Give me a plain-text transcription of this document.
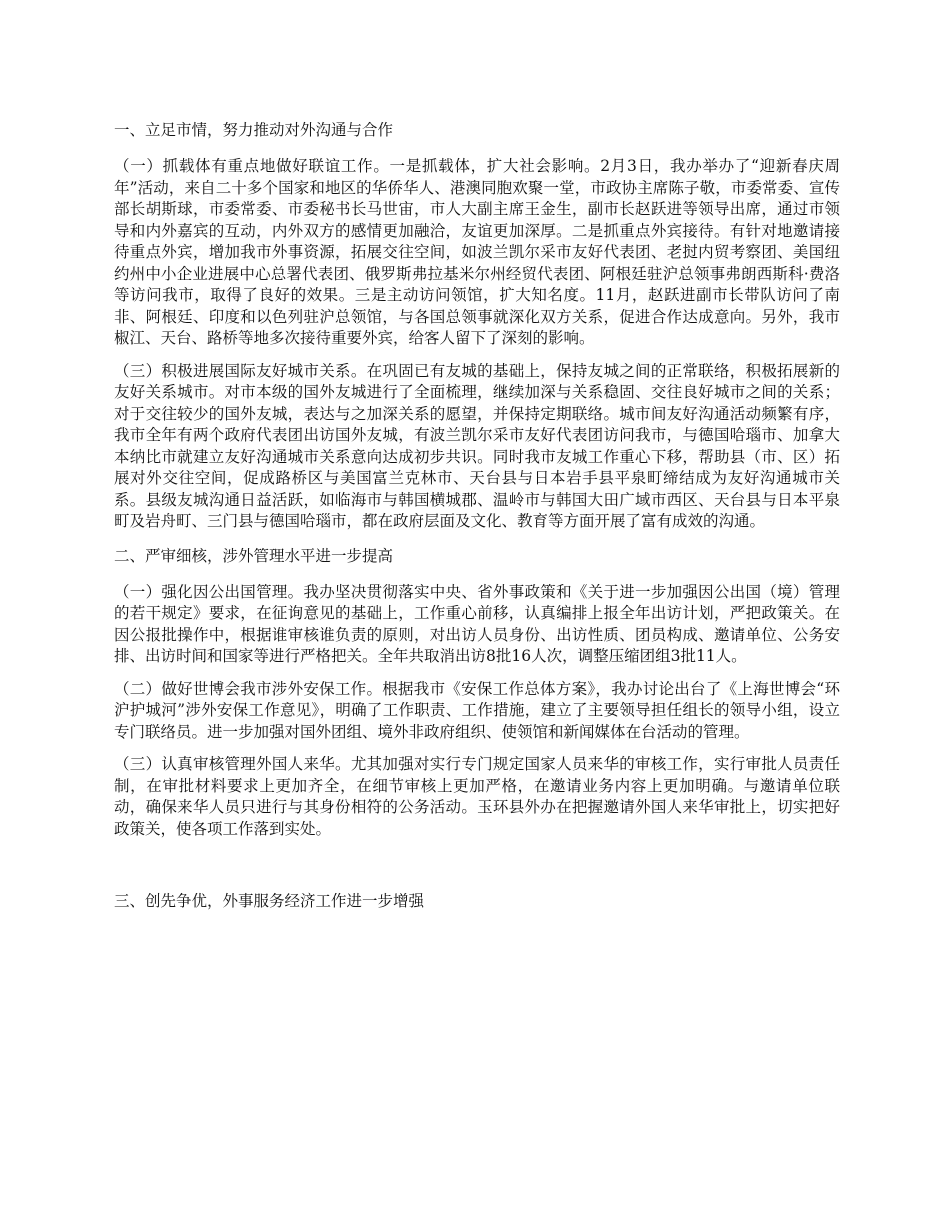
一、立足市情，努力推动对外沟通与合作

（一）抓载体有重点地做好联谊工作。一是抓载体，扩大社会影响。2月3日，我办举办了“迎新春庆周年”活动，来自二十多个国家和地区的华侨华人、港澳同胞欢聚一堂，市政协主席陈子敬，市委常委、宣传部长胡斯球，市委常委、市委秘书长马世宙，市人大副主席王金生，副市长赵跃进等领导出席，通过市领导和内外嘉宾的互动，内外双方的感情更加融洽，友谊更加深厚。二是抓重点外宾接待。有针对地邀请接待重点外宾，增加我市外事资源，拓展交往空间，如波兰凯尔采市友好代表团、老挝内贸考察团、美国纽约州中小企业进展中心总署代表团、俄罗斯弗拉基米尔州经贸代表团、阿根廷驻沪总领事弗朗西斯科·费洛等访问我市，取得了良好的效果。三是主动访问领馆，扩大知名度。11月，赵跃进副市长带队访问了南非、阿根廷、印度和以色列驻沪总领馆，与各国总领事就深化双方关系，促进合作达成意向。另外，我市椒江、天台、路桥等地多次接待重要外宾，给客人留下了深刻的影响。

（三）积极进展国际友好城市关系。在巩固已有友城的基础上，保持友城之间的正常联络，积极拓展新的友好关系城市。对市本级的国外友城进行了全面梳理，继续加深与关系稳固、交往良好城市之间的关系；对于交往较少的国外友城，表达与之加深关系的愿望，并保持定期联络。城市间友好沟通活动频繁有序，我市全年有两个政府代表团出访国外友城，有波兰凯尔采市友好代表团访问我市，与德国哈瑙市、加拿大本纳比市就建立友好沟通城市关系意向达成初步共识。同时我市友城工作重心下移，帮助县（市、区）拓展对外交往空间，促成路桥区与美国富兰克林市、天台县与日本岩手县平泉町缔结成为友好沟通城市关系。县级友城沟通日益活跃，如临海市与韩国横城郡、温岭市与韩国大田广域市西区、天台县与日本平泉町及岩舟町、三门县与德国哈瑙市，都在政府层面及文化、教育等方面开展了富有成效的沟通。

二、严审细核，涉外管理水平进一步提高

（一）强化因公出国管理。我办坚决贯彻落实中央、省外事政策和《关于进一步加强因公出国（境）管理的若干规定》要求，在征询意见的基础上，工作重心前移，认真编排上报全年出访计划，严把政策关。在因公报批操作中，根据谁审核谁负责的原则，对出访人员身份、出访性质、团员构成、邀请单位、公务安排、出访时间和国家等进行严格把关。全年共取消出访8批16人次，调整压缩团组3批11人。

（二）做好世博会我市涉外安保工作。根据我市《安保工作总体方案》，我办讨论出台了《上海世博会“环沪护城河”涉外安保工作意见》，明确了工作职责、工作措施，建立了主要领导担任组长的领导小组，设立专门联络员。进一步加强对国外团组、境外非政府组织、使领馆和新闻媒体在台活动的管理。

（三）认真审核管理外国人来华。尤其加强对实行专门规定国家人员来华的审核工作，实行审批人员责任制，在审批材料要求上更加齐全，在细节审核上更加严格，在邀请业务内容上更加明确。与邀请单位联动，确保来华人员只进行与其身份相符的公务活动。玉环县外办在把握邀请外国人来华审批上，切实把好政策关，使各项工作落到实处。

三、创先争优，外事服务经济工作进一步增强
